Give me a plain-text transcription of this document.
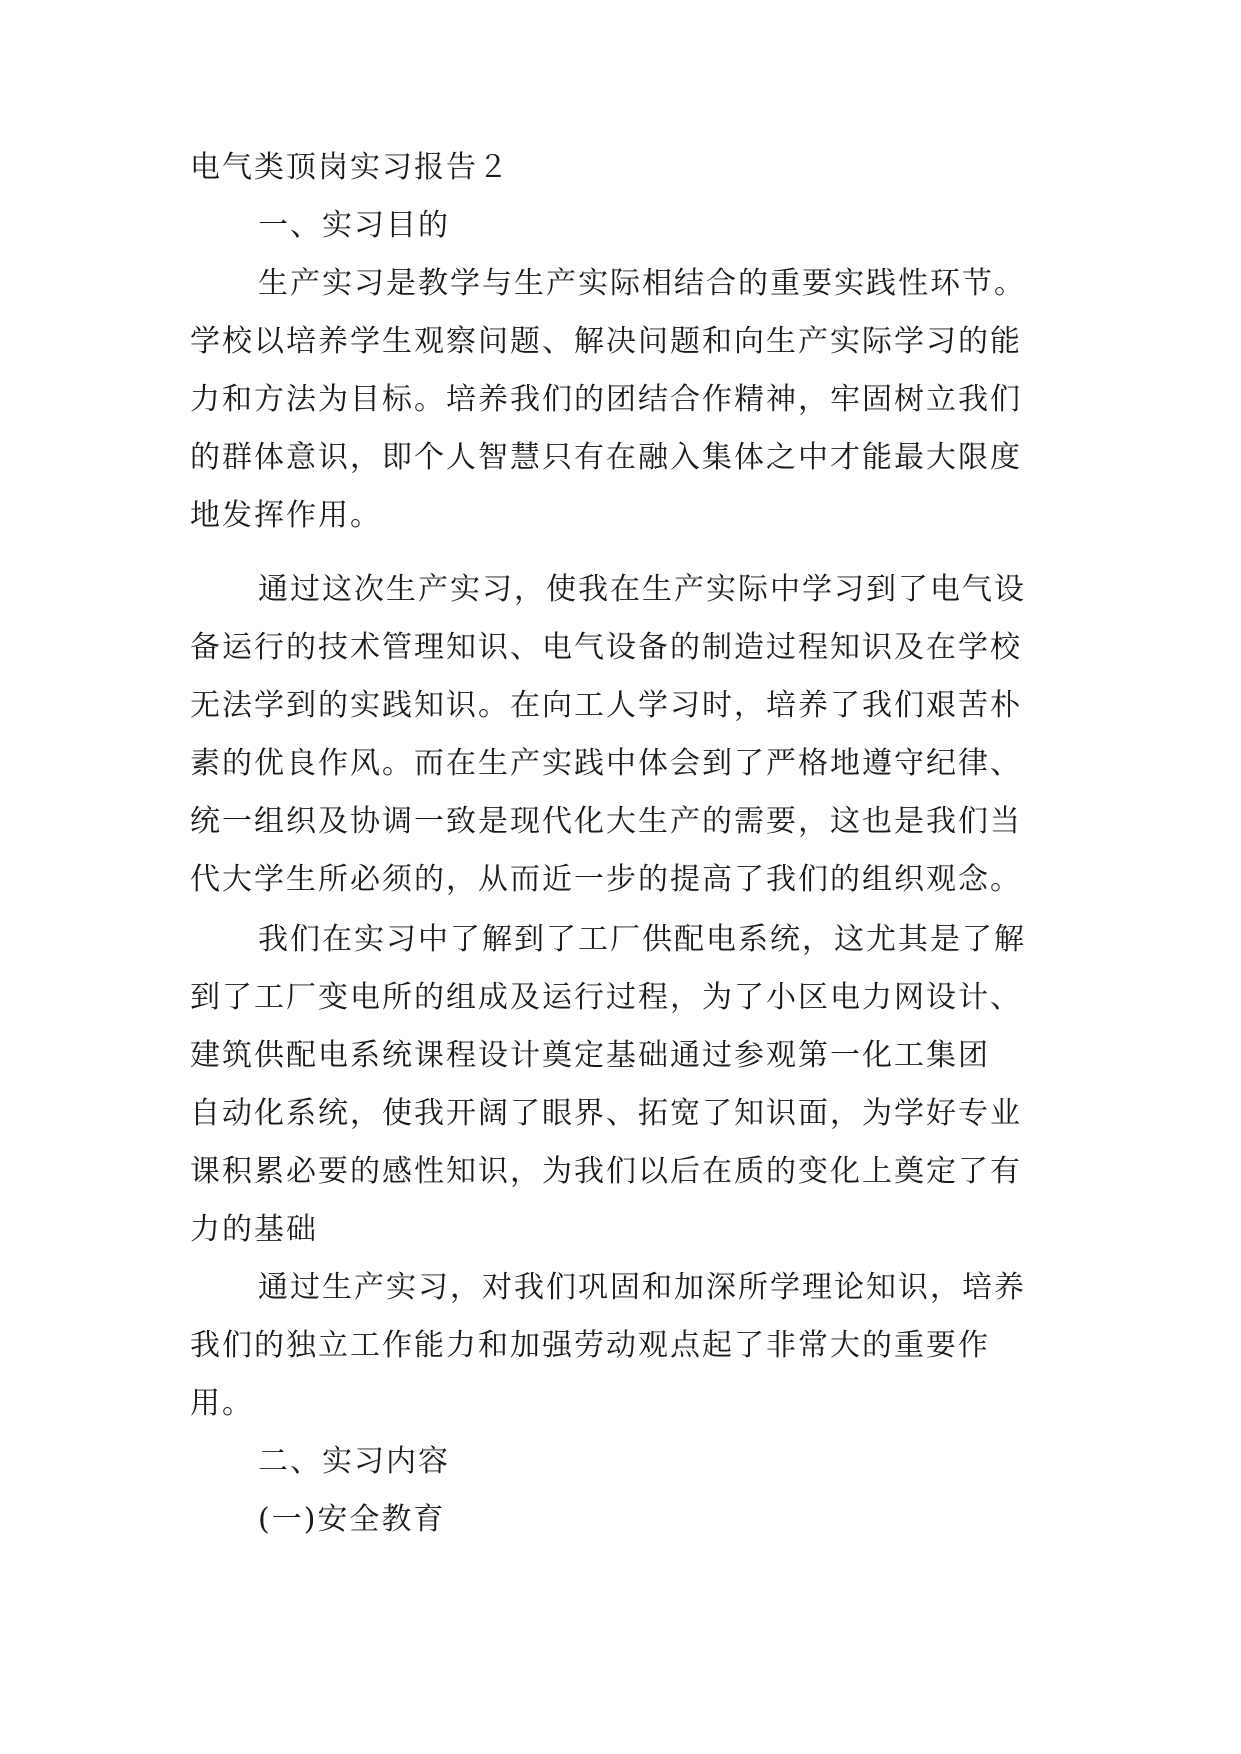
电气类顶岗实习报告２
一、实习目的
生产实习是教学与生产实际相结合的重要实践性环节。
学校以培养学生观察问题、解决问题和向生产实际学习的能
力和方法为目标。培养我们的团结合作精神，牢固树立我们
的群体意识，即个人智慧只有在融入集体之中才能最大限度
地发挥作用。
通过这次生产实习，使我在生产实际中学习到了电气设
备运行的技术管理知识、电气设备的制造过程知识及在学校
无法学到的实践知识。在向工人学习时，培养了我们艰苦朴
素的优良作风。而在生产实践中体会到了严格地遵守纪律、
统一组织及协调一致是现代化大生产的需要，这也是我们当
代大学生所必须的，从而近一步的提高了我们的组织观念。
我们在实习中了解到了工厂供配电系统，这尤其是了解
到了工厂变电所的组成及运行过程，为了小区电力网设计、
建筑供配电系统课程设计奠定基础通过参观第一化工集团
自动化系统，使我开阔了眼界、拓宽了知识面，为学好专业
课积累必要的感性知识，为我们以后在质的变化上奠定了有
力的基础
通过生产实习，对我们巩固和加深所学理论知识，培养
我们的独立工作能力和加强劳动观点起了非常大的重要作
用。
二、实习内容
(一)安全教育
